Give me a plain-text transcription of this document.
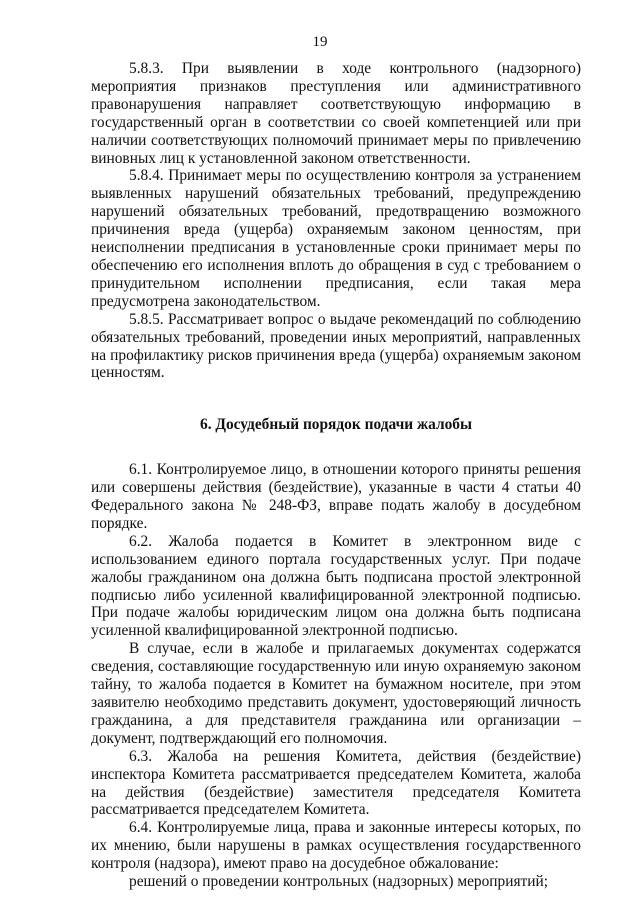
19

5.8.3. При выявлении в ходе контрольного (надзорного) мероприятия признаков преступления или административного правонарушения направляет соответствующую информацию в государственный орган в соответствии со своей компетенцией или при наличии соответствующих полномочий принимает меры по привлечению виновных лиц к установленной законом ответственности.

5.8.4. Принимает меры по осуществлению контроля за устранением выявленных нарушений обязательных требований, предупреждению нарушений обязательных требований, предотвращению возможного причинения вреда (ущерба) охраняемым законом ценностям, при неисполнении предписания в установленные сроки принимает меры по обеспечению его исполнения вплоть до обращения в суд с требованием о принудительном исполнении предписания, если такая мера предусмотрена законодательством.

5.8.5. Рассматривает вопрос о выдаче рекомендаций по соблюдению обязательных требований, проведении иных мероприятий, направленных на профилактику рисков причинения вреда (ущерба) охраняемым законом ценностям.

6. Досудебный порядок подачи жалобы

6.1. Контролируемое лицо, в отношении которого приняты решения или совершены действия (бездействие), указанные в части 4 статьи 40 Федерального закона № 248-ФЗ, вправе подать жалобу в досудебном порядке.

6.2. Жалоба подается в Комитет в электронном виде с использованием единого портала государственных услуг. При подаче жалобы гражданином она должна быть подписана простой электронной подписью либо усиленной квалифицированной электронной подписью. При подаче жалобы юридическим лицом она должна быть подписана усиленной квалифицированной электронной подписью.

В случае, если в жалобе и прилагаемых документах содержатся сведения, составляющие государственную или иную охраняемую законом тайну, то жалоба подается в Комитет на бумажном носителе, при этом заявителю необходимо представить документ, удостоверяющий личность гражданина, а для представителя гражданина или организации – документ, подтверждающий его полномочия.

6.3. Жалоба на решения Комитета, действия (бездействие) инспектора Комитета рассматривается председателем Комитета, жалоба на действия (бездействие) заместителя председателя Комитета рассматривается председателем Комитета.

6.4. Контролируемые лица, права и законные интересы которых, по их мнению, были нарушены в рамках осуществления государственного контроля (надзора), имеют право на досудебное обжалование:

решений о проведении контрольных (надзорных) мероприятий;
